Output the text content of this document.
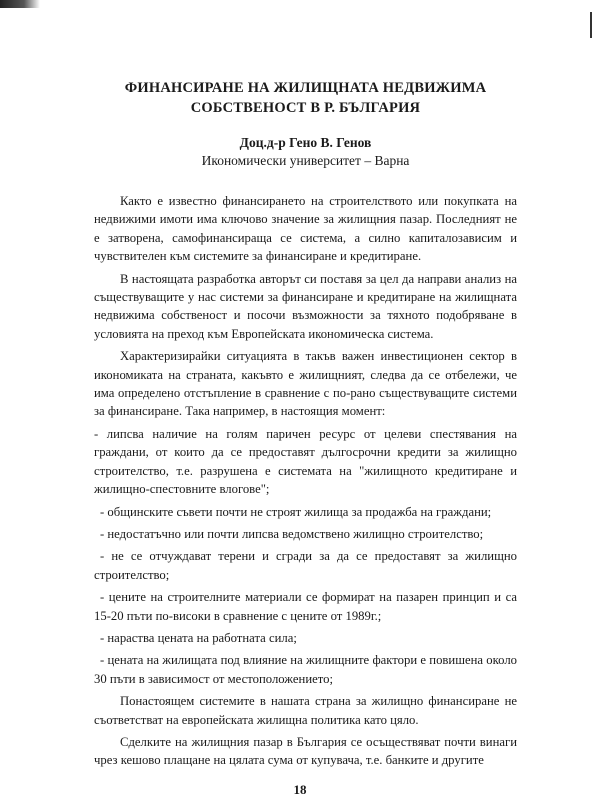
ФИНАНСИРАНЕ НА ЖИЛИЩНАТА НЕДВИЖИМА
СОБСТВЕНОСТ В Р. БЪЛГАРИЯ
Доц.д-р Гено В. Генов
Икономически университет – Варна

Както е известно финансирането на строителството или покупката на недвижими имоти има ключово значение за жилищния пазар. Последният не е затворена, самофинансираща се система, а силно капиталозависим и чувствителен към системите за финансиране и кредитиране.

В настоящата разработка авторът си поставя за цел да направи анализ на съществуващите у нас системи за финансиране и кредитиране на жилищната недвижима собственост и посочи възможности за тяхното подобряване в условията на преход към Европейската икономическа система.

Характеризирайки ситуацията в такъв важен инвестиционен сектор в икономиката на страната, какъвто е жилищният, следва да се отбележи, че има определено отстъпление в сравнение с по-рано съществуващите системи за финансиране. Така например, в настоящия момент:

- липсва наличие на голям паричен ресурс от целеви спестявания на граждани, от които да се предоставят дългосрочни кредити за жилищно строителство, т.е. разрушена е системата на "жилищното кредитиране и жилищно-спестовните влогове";

- общинските съвети почти не строят жилища за продажба на граждани;

- недостатъчно или почти липсва ведомствено жилищно строителство;

- не се отчуждават терени и сгради за да се предоставят за жилищно строителство;

- цените на строителните материали се формират на пазарен принцип и са 15-20 пъти по-високи в сравнение с цените от 1989г.;

- нараства цената на работната сила;

- цената на жилищата под влияние на жилищните фактори е повишена около 30 пъти в зависимост от местоположението;

Понастоящем системите в нашата страна за жилищно финансиране не съответстват на европейската жилищна политика като цяло.

Сделките на жилищния пазар в България се осъществяват почти винаги чрез кешово плащане на цялата сума от купувача, т.е. банките и другите

18
